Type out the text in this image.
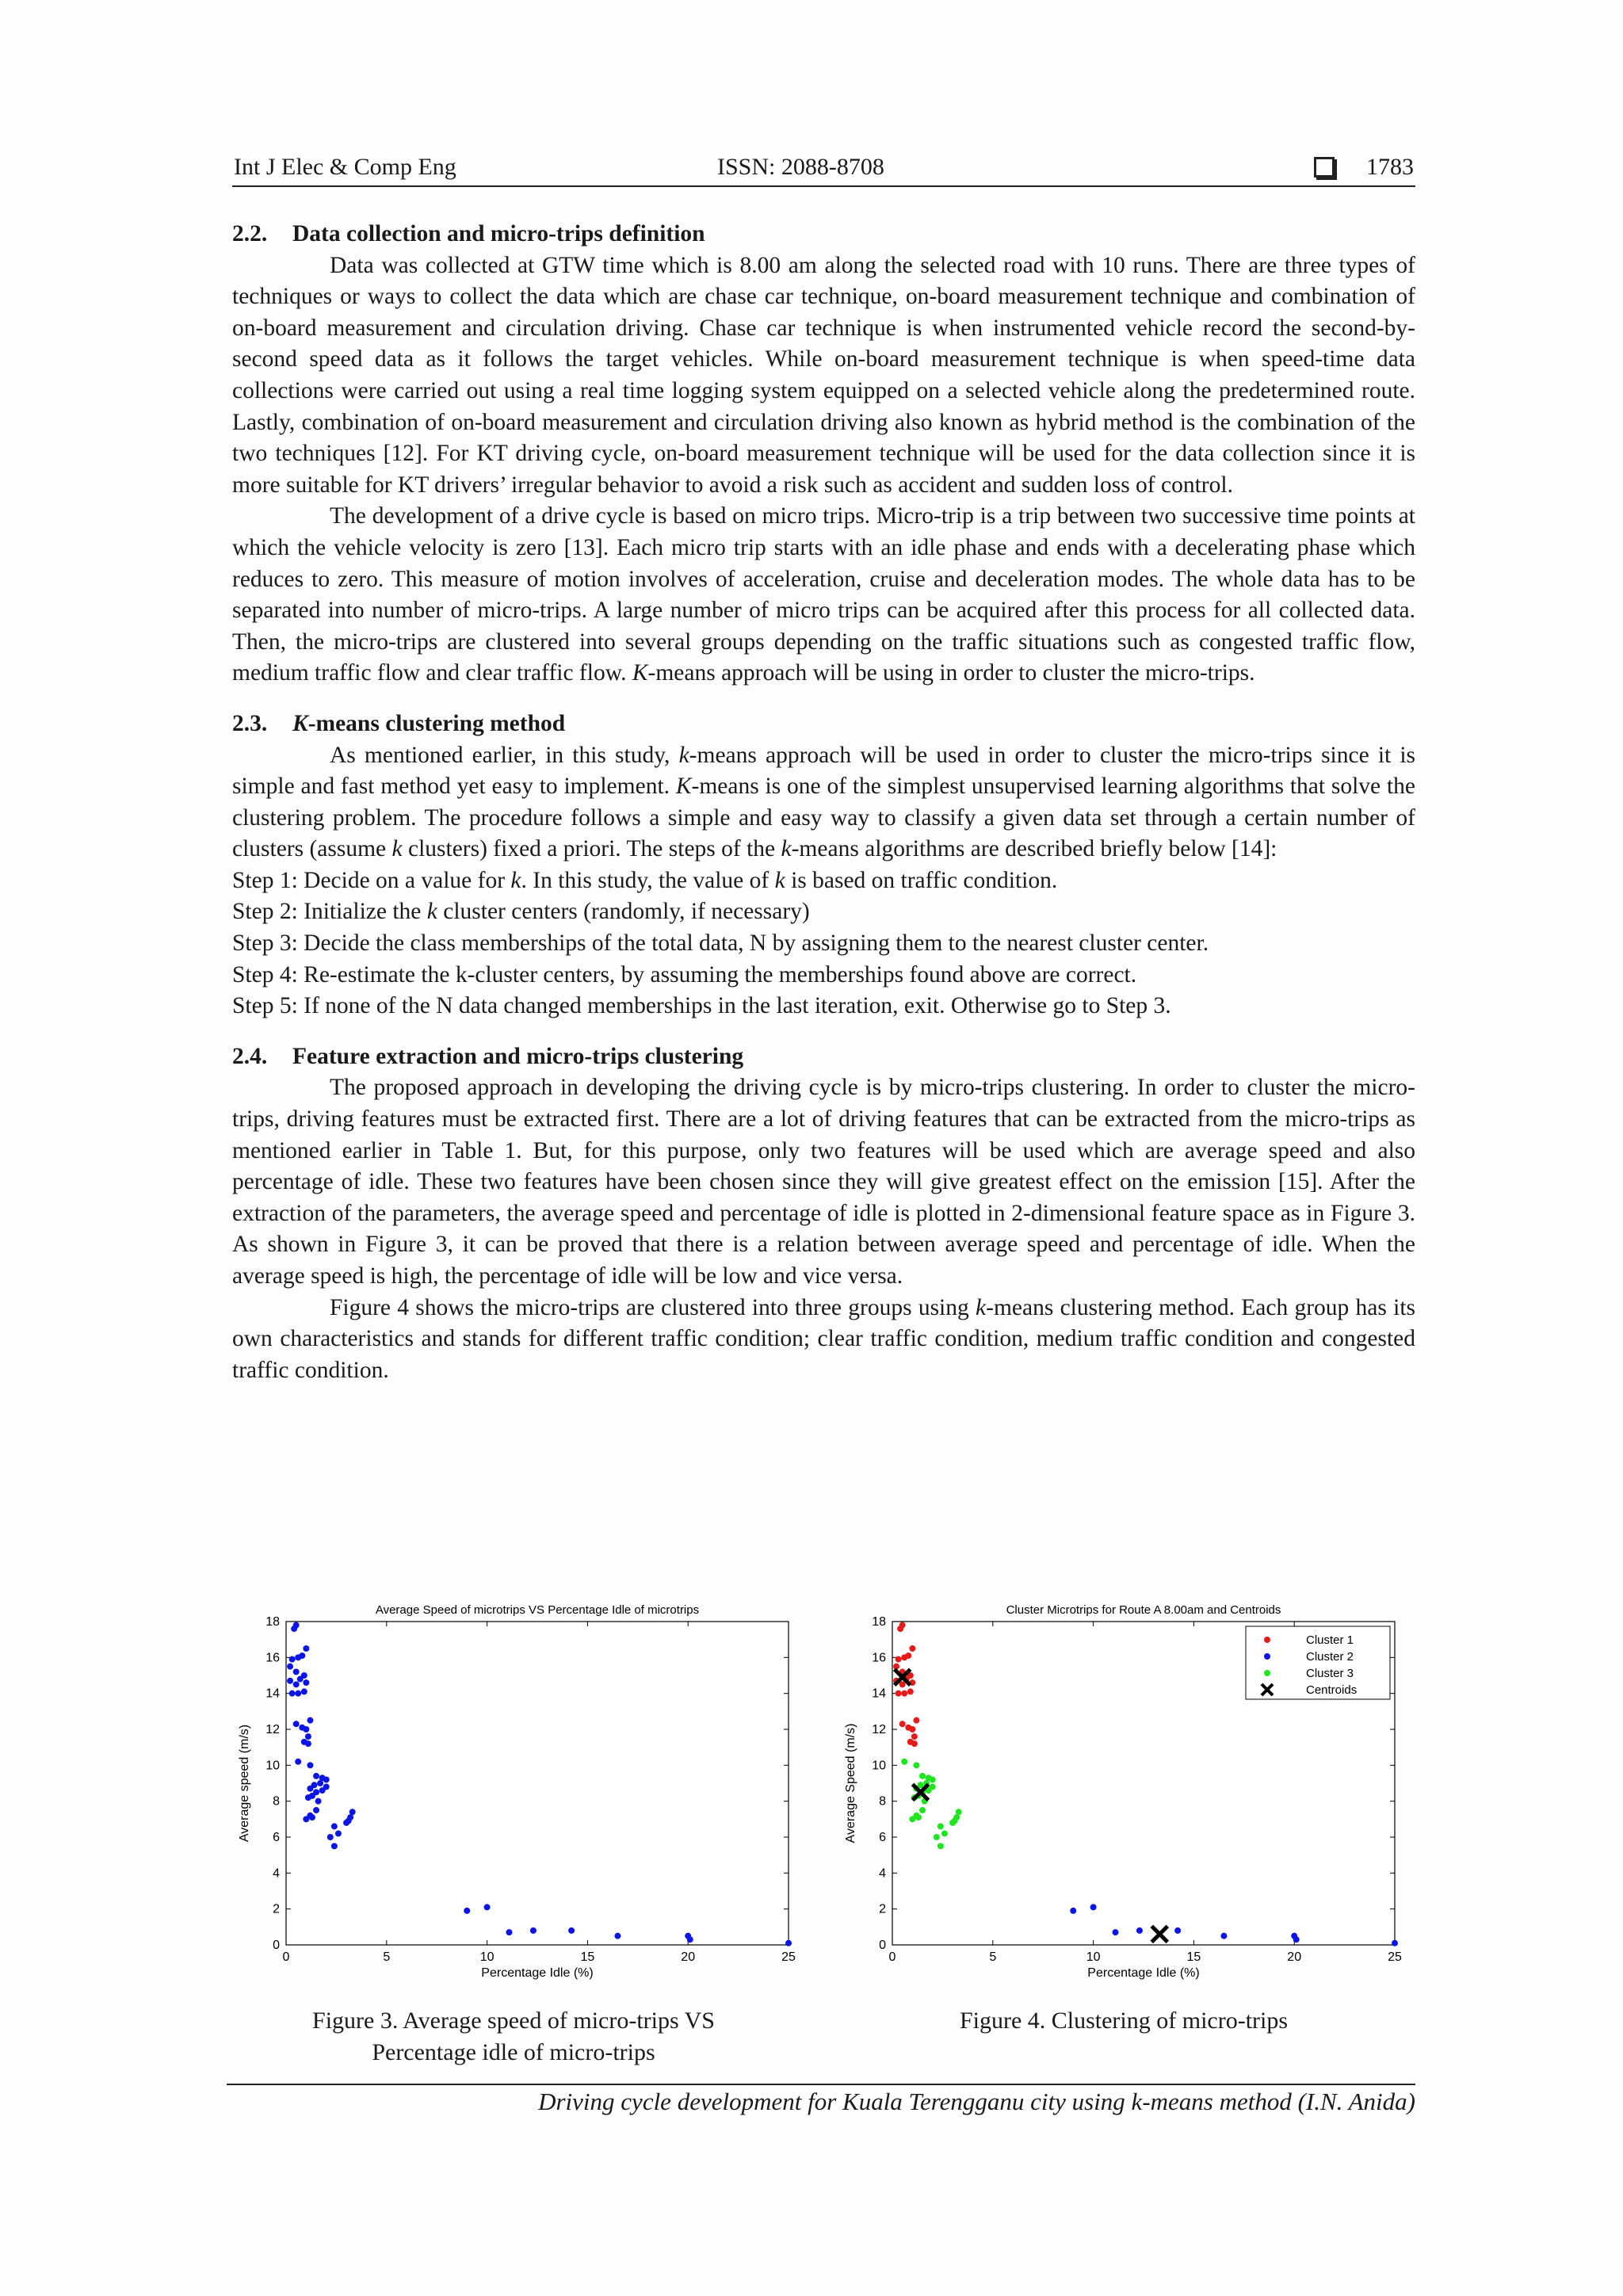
Int J Elec & Comp Eng	ISSN: 2088-8708	1783
2.2. Data collection and micro-trips definition

Data was collected at GTW time which is 8.00 am along the selected road with 10 runs. There are three types of techniques or ways to collect the data which are chase car technique, on-board measurement technique and combination of on-board measurement and circulation driving. Chase car technique is when instrumented vehicle record the second-by-second speed data as it follows the target vehicles. While on-board measurement technique is when speed-time data collections were carried out using a real time logging system equipped on a selected vehicle along the predetermined route. Lastly, combination of on-board measurement and circulation driving also known as hybrid method is the combination of the two techniques [12]. For KT driving cycle, on-board measurement technique will be used for the data collection since it is more suitable for KT drivers’ irregular behavior to avoid a risk such as accident and sudden loss of control.

The development of a drive cycle is based on micro trips. Micro-trip is a trip between two successive time points at which the vehicle velocity is zero [13]. Each micro trip starts with an idle phase and ends with a decelerating phase which reduces to zero. This measure of motion involves of acceleration, cruise and deceleration modes. The whole data has to be separated into number of micro-trips. A large number of micro trips can be acquired after this process for all collected data. Then, the micro-trips are clustered into several groups depending on the traffic situations such as congested traffic flow, medium traffic flow and clear traffic flow. K-means approach will be using in order to cluster the micro-trips.

2.3. K-means clustering method

As mentioned earlier, in this study, k-means approach will be used in order to cluster the micro-trips since it is simple and fast method yet easy to implement. K-means is one of the simplest unsupervised learning algorithms that solve the clustering problem. The procedure follows a simple and easy way to classify a given data set through a certain number of clusters (assume k clusters) fixed a priori. The steps of the k-means algorithms are described briefly below [14]:

Step 1: Decide on a value for k. In this study, the value of k is based on traffic condition.

Step 2: Initialize the k cluster centers (randomly, if necessary)

Step 3: Decide the class memberships of the total data, N by assigning them to the nearest cluster center.

Step 4: Re-estimate the k-cluster centers, by assuming the memberships found above are correct.

Step 5: If none of the N data changed memberships in the last iteration, exit. Otherwise go to Step 3.

2.4. Feature extraction and micro-trips clustering

The proposed approach in developing the driving cycle is by micro-trips clustering. In order to cluster the micro-trips, driving features must be extracted first. There are a lot of driving features that can be extracted from the micro-trips as mentioned earlier in Table 1. But, for this purpose, only two features will be used which are average speed and also percentage of idle. These two features have been chosen since they will give greatest effect on the emission [15]. After the extraction of the parameters, the average speed and percentage of idle is plotted in 2-dimensional feature space as in Figure 3. As shown in Figure 3, it can be proved that there is a relation between average speed and percentage of idle. When the average speed is high, the percentage of idle will be low and vice versa.

Figure 4 shows the micro-trips are clustered into three groups using k-means clustering method. Each group has its own characteristics and stands for different traffic condition; clear traffic condition, medium traffic condition and congested traffic condition.

Average Speed of microtrips VS Percentage Idle of microtrips
0	5	10	15	20	25
0
2
4
6
8
10
12
14
16
18
Percentage Idle (%)
Average speed (m/s)
Cluster Microtrips for Route A 8.00am and Centroids
0	5	10	15	20	25
0
2
4
6
8
10
12
14
16
18
Percentage Idle (%)
Average Speed (m/s)
Cluster 1
Cluster 2
Cluster 3
Centroids
Figure 3. Average speed of micro-trips VS Percentage idle of micro-trips
Figure 4. Clustering of micro-trips
Driving cycle development for Kuala Terengganu city using k-means method (I.N. Anida)
